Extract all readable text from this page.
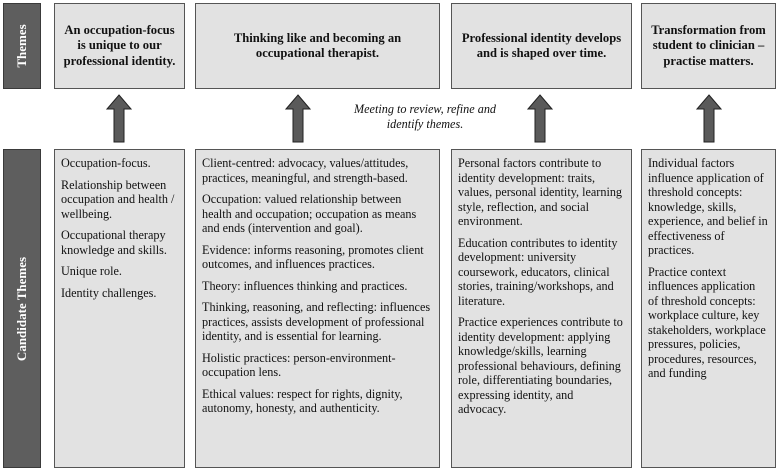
Themes
Candidate Themes
An occupation-focus is unique to our professional identity.
Thinking like and becoming an occupational therapist.
Professional identity develops and is shaped over time.
Transformation from student to clinician – practise matters.
Meeting to review, refine and identify themes.

Occupation-focus.

Relationship between occupation and health / wellbeing.

Occupational therapy knowledge and skills.

Unique role.

Identity challenges.

Client-centred: advocacy, values/attitudes, practices, meaningful, and strength-based.

Occupation: valued relationship between health and occupation; occupation as means and ends (intervention and goal).

Evidence: informs reasoning, promotes client outcomes, and influences practices.

Theory: influences thinking and practices.

Thinking, reasoning, and reflecting: influences practices, assists development of professional identity, and is essential for learning.

Holistic practices: person-environment-occupation lens.

Ethical values: respect for rights, dignity, autonomy, honesty, and authenticity.

Personal factors contribute to identity development: traits, values, personal identity, learning style, reflection, and social environment.

Education contributes to identity development: university coursework, educators, clinical stories, training/workshops, and literature.

Practice experiences contribute to identity development: applying knowledge/skills, learning professional behaviours, defining role, differentiating boundaries, expressing identity, and advocacy.

Individual factors influence application of threshold concepts: knowledge, skills, experience, and belief in effectiveness of practices.

Practice context influences application of threshold concepts: workplace culture, key stakeholders, workplace pressures, policies, procedures, resources, and funding
